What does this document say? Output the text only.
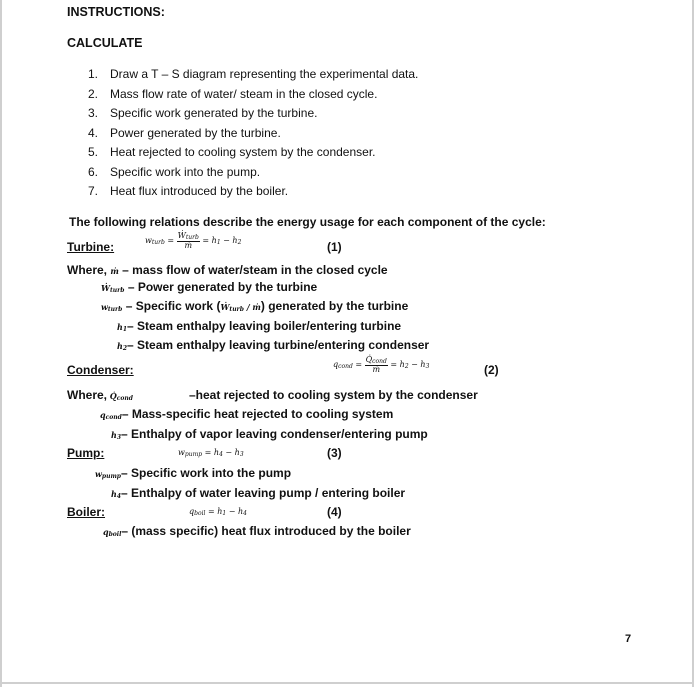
INSTRUCTIONS:
CALCULATE
1. Draw a T – S diagram representing the experimental data.
2. Mass flow rate of water/ steam in the closed cycle.
3. Specific work generated by the turbine.
4. Power generated by the turbine.
5. Heat rejected to cooling system by the condenser.
6. Specific work into the pump.
7. Heat flux introduced by the boiler.
The following relations describe the energy usage for each component of the cycle:
Turbine:	$w_{turb} = \frac{Ẇ_{turb}}{\text{ṁ}} = h_1 - h_2$	(1)
Where, ṁ – mass flow of water/steam in the closed cycle
Ẇ$_{turb}$ – Power generated by the turbine
$w_{turb}$ – Specific work (Ẇ$_{turb}$ / ṁ) generated by the turbine
$h_1-$ Steam enthalpy leaving boiler/entering turbine
$h_2-$ Steam enthalpy leaving turbine/entering condenser
Condenser:	$q_{cond} = \frac{Q̇_{cond}}{\text{ṁ}} = h_2 - h_3$	(2)
Where, $Q̇_{cond}$	–heat rejected to cooling system by the condenser
$q_{cond}-$ Mass-specific heat rejected to cooling system
$h_3-$ Enthalpy of vapor leaving condenser/entering pump
Pump:	$w_{pump} = h_4 - h_3$	(3)
$w_{pump}-$ Specific work into the pump
$h_4-$ Enthalpy of water leaving pump / entering boiler
Boiler:	$q_{boil} = h_1 - h_4$	(4)
$q_{boil}-$ (mass specific) heat flux introduced by the boiler
7
